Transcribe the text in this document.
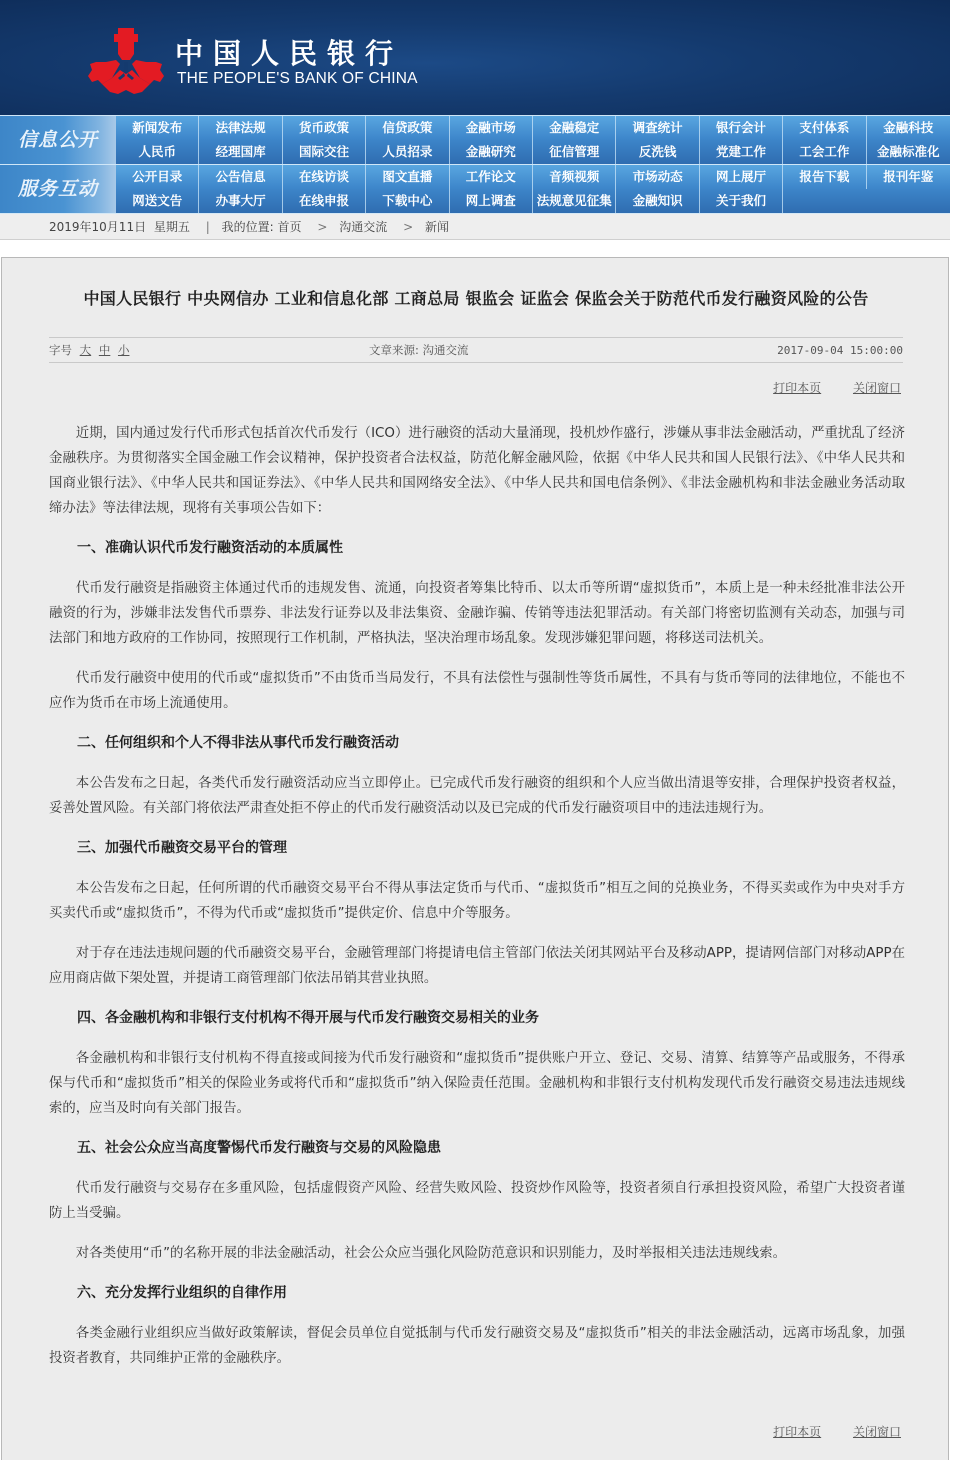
中国人民银行
THE PEOPLE'S BANK OF CHINA
信息公开
新闻发布	法律法规	货币政策	信贷政策	金融市场	金融稳定	调查统计	银行会计	支付体系	金融科技
人民币	经理国库	国际交往	人员招录	金融研究	征信管理	反洗钱	党建工作	工会工作	金融标准化
服务互动
公开目录	公告信息	在线访谈	图文直播	工作论文	音频视频	市场动态	网上展厅	报告下载	报刊年鉴
网送文告	办事大厅	在线申报	下载中心	网上调查	法规意见征集	金融知识	关于我们
2019年10月11日 星期五 | 我的位置: 首页 > 沟通交流 > 新闻
中国人民银行 中央网信办 工业和信息化部 工商总局 银监会 证监会 保监会关于防范代币发行融资风险的公告
字号 大 中 小	文章来源: 沟通交流	2017-09-04 15:00:00
打印本页	关闭窗口

近期，国内通过发行代币形式包括首次代币发行（ICO）进行融资的活动大量涌现，投机炒作盛行，涉嫌从事非法金融活动，严重扰乱了经济金融秩序。为贯彻落实全国金融工作会议精神，保护投资者合法权益，防范化解金融风险，依据《中华人民共和国人民银行法》、《中华人民共和国商业银行法》、《中华人民共和国证券法》、《中华人民共和国网络安全法》、《中华人民共和国电信条例》、《非法金融机构和非法金融业务活动取缔办法》等法律法规，现将有关事项公告如下：

一、准确认识代币发行融资活动的本质属性

代币发行融资是指融资主体通过代币的违规发售、流通，向投资者筹集比特币、以太币等所谓“虚拟货币”，本质上是一种未经批准非法公开融资的行为，涉嫌非法发售代币票券、非法发行证券以及非法集资、金融诈骗、传销等违法犯罪活动。有关部门将密切监测有关动态，加强与司法部门和地方政府的工作协同，按照现行工作机制，严格执法，坚决治理市场乱象。发现涉嫌犯罪问题，将移送司法机关。

代币发行融资中使用的代币或“虚拟货币”不由货币当局发行，不具有法偿性与强制性等货币属性，不具有与货币等同的法律地位，不能也不应作为货币在市场上流通使用。

二、任何组织和个人不得非法从事代币发行融资活动

本公告发布之日起，各类代币发行融资活动应当立即停止。已完成代币发行融资的组织和个人应当做出清退等安排，合理保护投资者权益，妥善处置风险。有关部门将依法严肃查处拒不停止的代币发行融资活动以及已完成的代币发行融资项目中的违法违规行为。

三、加强代币融资交易平台的管理

本公告发布之日起，任何所谓的代币融资交易平台不得从事法定货币与代币、“虚拟货币”相互之间的兑换业务，不得买卖或作为中央对手方买卖代币或“虚拟货币”，不得为代币或“虚拟货币”提供定价、信息中介等服务。

对于存在违法违规问题的代币融资交易平台，金融管理部门将提请电信主管部门依法关闭其网站平台及移动APP，提请网信部门对移动APP在应用商店做下架处置，并提请工商管理部门依法吊销其营业执照。

四、各金融机构和非银行支付机构不得开展与代币发行融资交易相关的业务

各金融机构和非银行支付机构不得直接或间接为代币发行融资和“虚拟货币”提供账户开立、登记、交易、清算、结算等产品或服务，不得承保与代币和“虚拟货币”相关的保险业务或将代币和“虚拟货币”纳入保险责任范围。金融机构和非银行支付机构发现代币发行融资交易违法违规线索的，应当及时向有关部门报告。

五、社会公众应当高度警惕代币发行融资与交易的风险隐患

代币发行融资与交易存在多重风险，包括虚假资产风险、经营失败风险、投资炒作风险等，投资者须自行承担投资风险，希望广大投资者谨防上当受骗。

对各类使用“币”的名称开展的非法金融活动，社会公众应当强化风险防范意识和识别能力，及时举报相关违法违规线索。

六、充分发挥行业组织的自律作用

各类金融行业组织应当做好政策解读，督促会员单位自觉抵制与代币发行融资交易及“虚拟货币”相关的非法金融活动，远离市场乱象，加强投资者教育，共同维护正常的金融秩序。

打印本页	关闭窗口
